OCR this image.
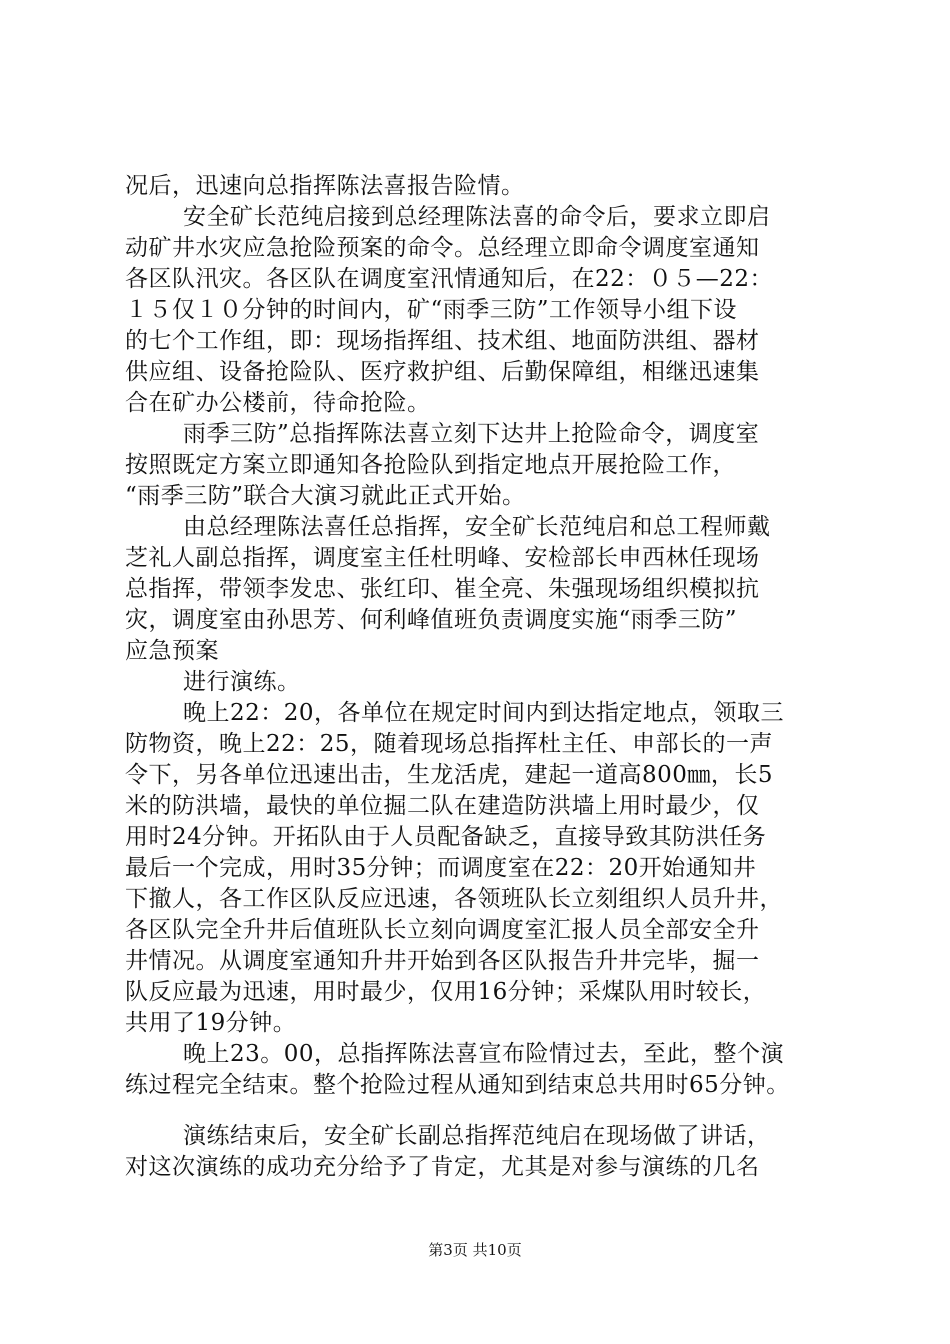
况后，迅速向总指挥陈法喜报告险情。
安全矿长范纯启接到总经理陈法喜的命令后，要求立即启
动矿井水灾应急抢险预案的命令。总经理立即命令调度室通知
各区队汛灾。各区队在调度室汛情通知后，在22：０５—22：
１５仅１０分钟的时间内，矿“雨季三防”工作领导小组下设
的七个工作组，即：现场指挥组、技术组、地面防洪组、器材
供应组、设备抢险队、医疗救护组、后勤保障组，相继迅速集
合在矿办公楼前，待命抢险。
雨季三防”总指挥陈法喜立刻下达井上抢险命令，调度室
按照既定方案立即通知各抢险队到指定地点开展抢险工作，
“雨季三防”联合大演习就此正式开始。
由总经理陈法喜任总指挥，安全矿长范纯启和总工程师戴
芝礼人副总指挥，调度室主任杜明峰、安检部长申西林任现场
总指挥，带领李发忠、张红印、崔全亮、朱强现场组织模拟抗
灾，调度室由孙思芳、何利峰值班负责调度实施“雨季三防”
应急预案
进行演练。
晚上22：20，各单位在规定时间内到达指定地点，领取三
防物资，晚上22：25，随着现场总指挥杜主任、申部长的一声
令下，另各单位迅速出击，生龙活虎，建起一道高800㎜，长5
米的防洪墙，最快的单位掘二队在建造防洪墙上用时最少，仅
用时24分钟。开拓队由于人员配备缺乏，直接导致其防洪任务
最后一个完成，用时35分钟；而调度室在22：20开始通知井
下撤人，各工作区队反应迅速，各领班队长立刻组织人员升井，
各区队完全升井后值班队长立刻向调度室汇报人员全部安全升
井情况。从调度室通知升井开始到各区队报告升井完毕，掘一
队反应最为迅速，用时最少，仅用16分钟；采煤队用时较长，
共用了19分钟。
晚上23。00，总指挥陈法喜宣布险情过去，至此，整个演
练过程完全结束。整个抢险过程从通知到结束总共用时65分钟。
演练结束后，安全矿长副总指挥范纯启在现场做了讲话，
对这次演练的成功充分给予了肯定，尤其是对参与演练的几名
第3页 共10页
